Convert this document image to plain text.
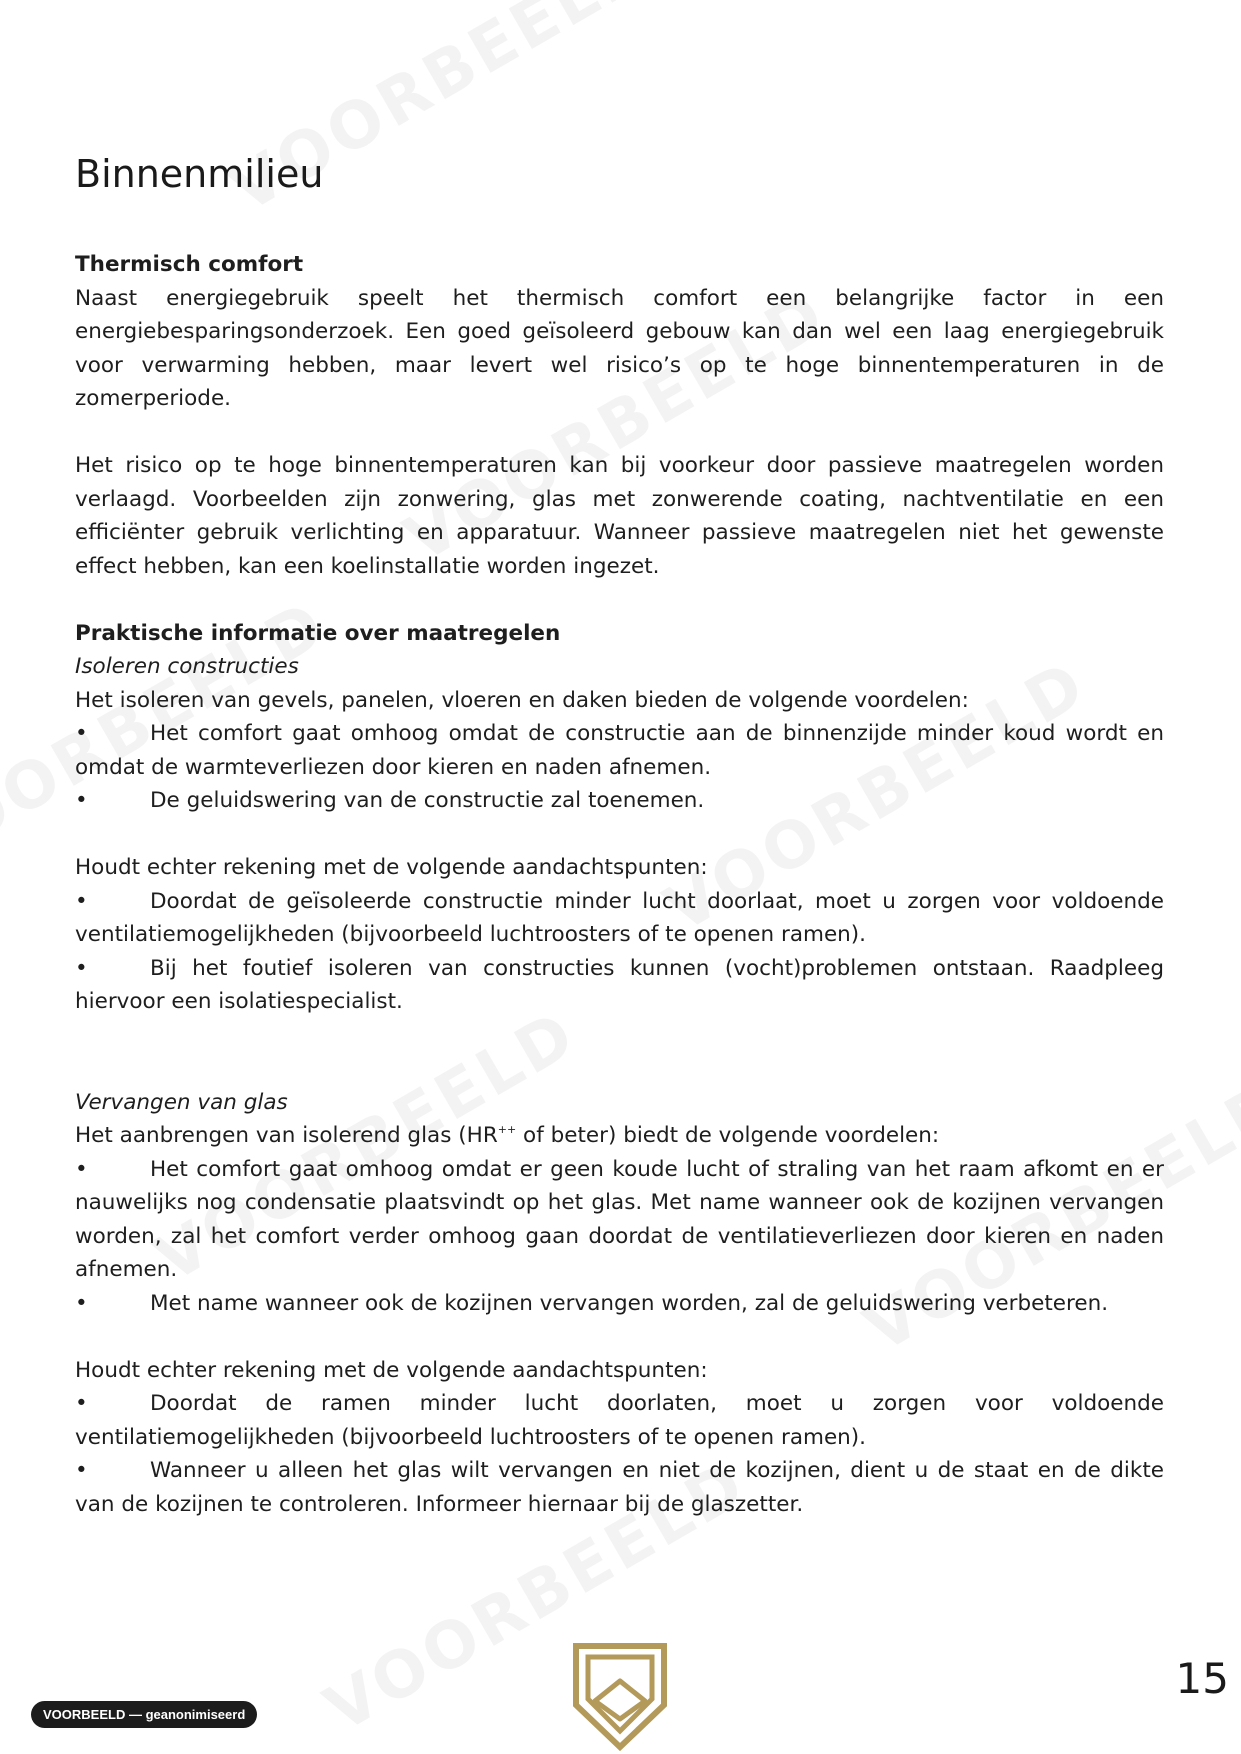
Binnenmilieu

Thermisch comfort

Naast energiegebruik speelt het thermisch comfort een belangrijke factor in een energiebesparingsonderzoek. Een goed geïsoleerd gebouw kan dan wel een laag energiegebruik voor verwarming hebben, maar levert wel risico’s op te hoge binnentemperaturen in de zomerperiode.

Het risico op te hoge binnentemperaturen kan bij voorkeur door passieve maatregelen worden verlaagd. Voorbeelden zijn zonwering, glas met zonwerende coating, nachtventilatie en een efficiënter gebruik verlichting en apparatuur. Wanneer passieve maatregelen niet het gewenste effect hebben, kan een koelinstallatie worden ingezet.

Praktische informatie over maatregelen

Isoleren constructies

Het isoleren van gevels, panelen, vloeren en daken bieden de volgende voordelen:

•	Het comfort gaat omhoog omdat de constructie aan de binnenzijde minder koud wordt en omdat de warmteverliezen door kieren en naden afnemen.

•	De geluidswering van de constructie zal toenemen.

Houdt echter rekening met de volgende aandachtspunten:

•	Doordat de geïsoleerde constructie minder lucht doorlaat, moet u zorgen voor voldoende ventilatiemogelijkheden (bijvoorbeeld luchtroosters of te openen ramen).

•	Bij het foutief isoleren van constructies kunnen (vocht)problemen ontstaan. Raadpleeg hiervoor een isolatiespecialist.

Vervangen van glas

Het aanbrengen van isolerend glas (HR++ of beter) biedt de volgende voordelen:

•	Het comfort gaat omhoog omdat er geen koude lucht of straling van het raam afkomt en er nauwelijks nog condensatie plaatsvindt op het glas. Met name wanneer ook de kozijnen vervangen worden, zal het comfort verder omhoog gaan doordat de ventilatieverliezen door kieren en naden afnemen.

•	Met name wanneer ook de kozijnen vervangen worden, zal de geluidswering verbeteren.

Houdt echter rekening met de volgende aandachtspunten:

•	Doordat de ramen minder lucht doorlaten, moet u zorgen voor voldoende ventilatiemogelijkheden (bijvoorbeeld luchtroosters of te openen ramen).

•	Wanneer u alleen het glas wilt vervangen en niet de kozijnen, dient u de staat en de dikte van de kozijnen te controleren. Informeer hiernaar bij de glaszetter.

VOORBEELD — geanonimiseerd
15
